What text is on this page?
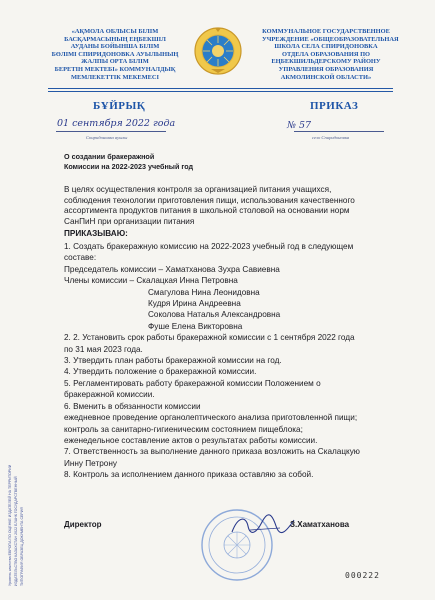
«АҚМОЛА ОБЛЫСЫ БІЛІМ
БАСҚАРМАСЫНЫҢ ЕҢБЕКШІЛ
АУДАНЫ БОЙЫНША БІЛІМ
БӨЛІМІ СПИРИДОНОВКА АУЫЛЫНЫҢ
ЖАЛПЫ ОРТА БІЛІМ
БЕРЕТІН МЕКТЕБІ» КОММУНАЛДЫҚ
МЕМЛЕКЕТТІК МЕКЕМЕСІ
КОММУНАЛЬНОЕ ГОСУДАРСТВЕННОЕ
УЧРЕЖДЕНИЕ «ОБЩЕОБРАЗОВАТЕЛЬНАЯ
ШКОЛА СЕЛА СПИРИДОНОВКА
ОТДЕЛА ОБРАЗОВАНИЯ ПО
ЕҢБЕКШИЛЬДЕРСКОМУ РАЙОНУ
УПРАВЛЕНИЯ ОБРАЗОВАНИЯ
АКМОЛИНСКОЙ ОБЛАСТИ»
БҰЙРЫҚ	ПРИКАЗ
01 сентября 2022 года
Спиридоновка ауылы
№ 57
село Спиридоновка
О создании бракеражной
Комиссии на 2022-2023 учебный год
В целях осуществления контроля за организацией питания учащихся,
соблюдения технологии приготовления пищи, использования качественного
ассортимента продуктов питания в школьной столовой на основании норм
СанПиН при организации питания
ПРИКАЗЫВАЮ:
1. Создать бракеражную комиссию на 2022-2023 учебный год в следующем
составе:
Председатель комиссии – Хаматханова Зухра Савиевна
Члены комиссии – Скалацкая Инна Петровна
Смагулова Нина Леонидовна
Кудря Ирина Андреевна
Соколова Наталья Александровна
Фуше Елена Викторовна
2. 2. Установить срок работы бракеражной комиссии с 1 сентября 2022 года
по 31 мая 2023 года.
3. Утвердить план работы бракеражной комиссии на год.
4. Утвердить положение о бракеражной комиссии.
5. Регламентировать работу бракеражной комиссии Положением о
бракеражной комиссии.
6. Вменить в обязанности комиссии
ежедневное проведение органолептического анализа приготовленной пищи;
контроль за санитарно-гигиеническим состоянием пищеблока;
еженедельное составление актов о результатах работы комиссии.
7. Ответственность за выполнение данного приказа возложить на Скалацкую
Инну Петрону
8. Контроль за исполнением данного приказа оставляю за собой.
Директор	З.Хаматханова
Уровень качества ЕВРОПА ПО ОЦЕНКЕ ИЗДАТЕЛЕЙ НА ТЕРРИТОРИИ ИЗДАТЕЛЬСТВО КАЗАХСТАН 2022 БЛАНК ГОСУДАРСТВЕННЫЙ ТИПОГРАФИЯ ОБРАЗЕЦ ДОКУМЕНТА СЕРИЯ	000222
